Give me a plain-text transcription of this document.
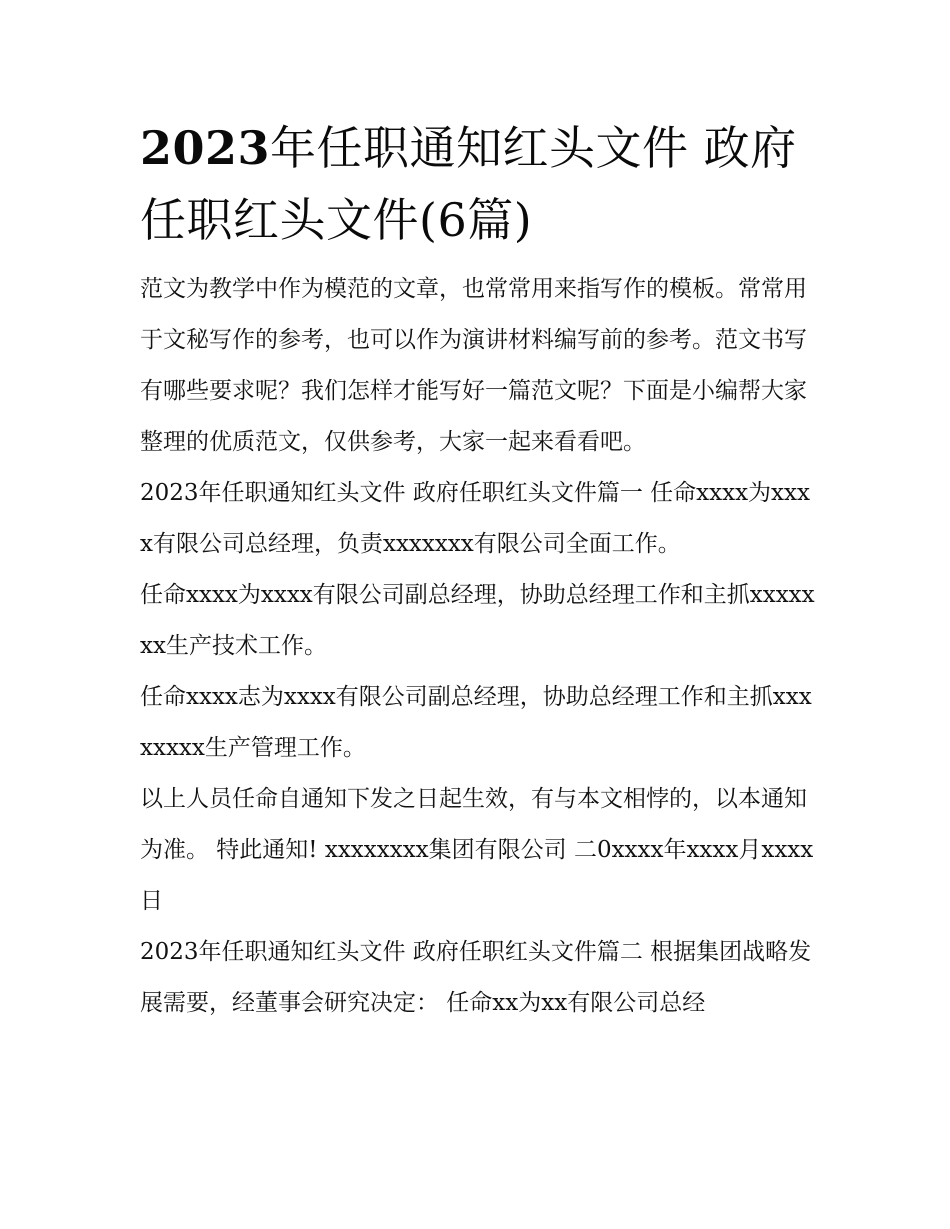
2023年任职通知红头文件 政府任职红头文件(6篇)

范文为教学中作为模范的文章，也常常用来指写作的模板。常常用于文秘写作的参考，也可以作为演讲材料编写前的参考。范文书写有哪些要求呢？我们怎样才能写好一篇范文呢？下面是小编帮大家整理的优质范文，仅供参考，大家一起来看看吧。

2023年任职通知红头文件 政府任职红头文件篇一 任命xxxx为xxxx有限公司总经理，负责xxxxxxx有限公司全面工作。

任命xxxx为xxxx有限公司副总经理，协助总经理工作和主抓xxxxxxx生产技术工作。

任命xxxx志为xxxx有限公司副总经理，协助总经理工作和主抓xxxxxxxx生产管理工作。

以上人员任命自通知下发之日起生效，有与本文相悖的，以本通知为准。 特此通知! xxxxxxxx集团有限公司 二0xxxx年xxxx月xxxx日

2023年任职通知红头文件 政府任职红头文件篇二 根据集团战略发展需要，经董事会研究决定： 任命xx为xx有限公司总经
